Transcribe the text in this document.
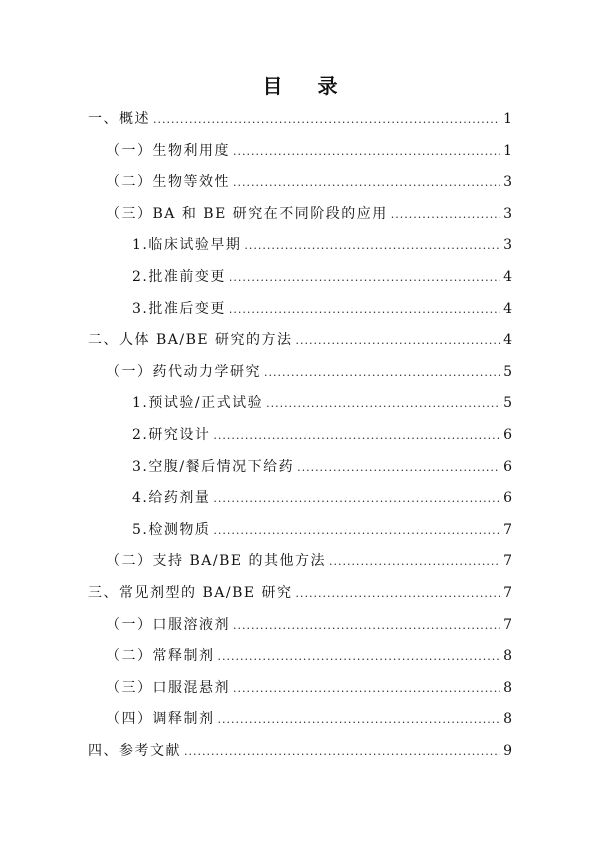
目 录
一、概述 .....	1
（一）生物利用度 .....	1
（二）生物等效性 .....	3
（三）BA 和 BE 研究在不同阶段的应用 .....	3
1.临床试验早期 .....	3
2.批准前变更 .....	4
3.批准后变更 .....	4
二、人体 BA/BE 研究的方法 .....	4
（一）药代动力学研究 .....	5
1.预试验/正式试验 .....	5
2.研究设计 .....	6
3.空腹/餐后情况下给药 .....	6
4.给药剂量 .....	6
5.检测物质 .....	7
（二）支持 BA/BE 的其他方法 .....	7
三、常见剂型的 BA/BE 研究 .....	7
（一）口服溶液剂 .....	7
（二）常释制剂 .....	8
（三）口服混悬剂 .....	8
（四）调释制剂 .....	8
四、参考文献 .....	9
